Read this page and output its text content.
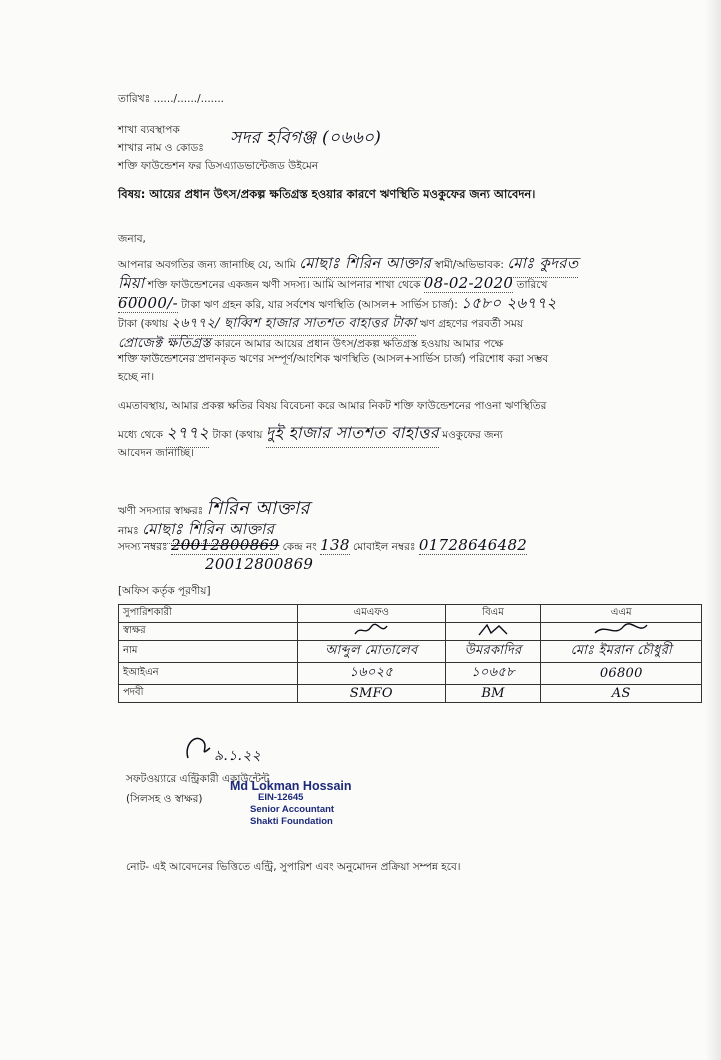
তারিখঃ ....../....../.......
শাখা ব্যবস্থাপক
শাখার নাম ও কোডঃ সদর হবিগঞ্জ (০৬৬০)
শক্তি ফাউন্ডেশন ফর ডিসএ্যাডভান্টেজড উইমেন
বিষয়: আয়ের প্রধান উৎস/প্রকল্প ক্ষতিগ্রস্ত হওয়ার কারণে ঋণস্থিতি মওকুফের জন্য আবেদন।
জনাব,
আপনার অবগতির জন্য জানাচ্ছি যে, আমি মোছাঃ শিরিন আক্তার স্বামী/অভিভাবক: মোঃ কুদরত
মিয়া শক্তি ফাউন্ডেশনের একজন ঋণী সদস্য। আমি আপনার শাখা থেকে 08-02-2020 তারিখে
60000/- টাকা ঋণ গ্রহন করি, যার সর্বশেষ ঋণস্থিতি (আসল+ সার্ভিস চার্জ): ১৫৮০ ২৬৭৭২
টাকা (কথায় ২৬৭৭২/ ছাব্বিশ হাজার সাতশত বাহাত্তর টাকা ঋণ গ্রহণের পরবর্তী সময়
প্রোজেক্ট ক্ষতিগ্রস্ত কারনে আমার আয়ের প্রধান উৎস/প্রকল্প ক্ষতিগ্রস্ত হওয়ায় আমার পক্ষে
শক্তি ফাউন্ডেশনের প্রদানকৃত ঋণের সম্পূর্ণ/আংশিক ঋণস্থিতি (আসল+সার্ভিস চার্জ) পরিশোধ করা সম্ভব
হচ্ছে না।
এমতাবস্থায়, আমার প্রকল্প ক্ষতির বিষয় বিবেচনা করে আমার নিকট শক্তি ফাউন্ডেশনের পাওনা ঋণস্থিতির
মধ্যে থেকে ২৭৭২ টাকা (কথায় দুই হাজার সাতশত বাহাত্তর মওকুফের জন্য
আবেদন জানাচ্ছি।
ঋণী সদস্যার স্বাক্ষরঃ শিরিন আক্তার
নামঃ মোছাঃ শিরিন আক্তার
সদস্য নম্বরঃ 20012800869 কেন্দ্র নং 138 মোবাইল নম্বরঃ 01728646482
20012800869
[অফিস কর্তৃক পূরণীয়]
সুপারিশকারী	এমএফও	বিএম	এএম
স্বাক্ষর			
নাম	আব্দুল মোতালেব	উমরকাদির	মোঃ ইমরান চৌধুরী
ইআইএন	১৬০২৫	১০৬৫৮	06800
পদবী	SMFO	BM	AS
৯.১.২২
সফটওয়্যারে এন্ট্রিকারী একাউন্টেন্ট
(সিলসহ ও স্বাক্ষর)
Md Lokman Hossain
EIN-12645
Senior Accountant
Shakti Foundation
নোট- এই আবেদনের ভিত্তিতে এন্ট্রি, সুপারিশ এবং অনুমোদন প্রক্রিয়া সম্পন্ন হবে।
